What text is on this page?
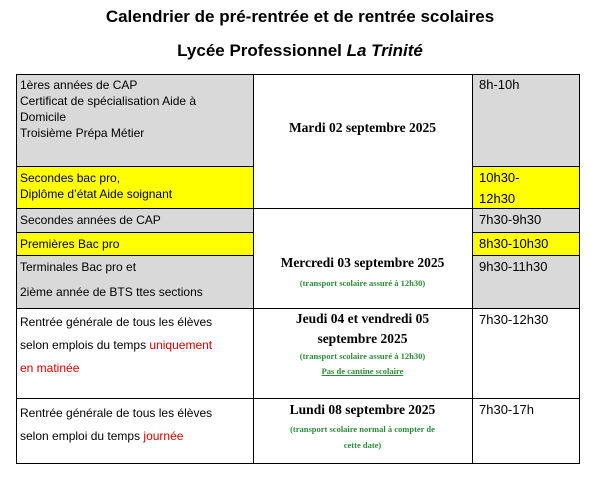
Calendrier de pré-rentrée et de rentrée scolaires
Lycée Professionnel La Trinité
1ères années de CAP
Certificat de spécialisation Aide à
Domicile
Troisième Prépa Métier
8h-10h
Secondes bac pro,
Diplôme d’état Aide soignant
10h30-
12h30
Mardi 02 septembre 2025
Secondes années de CAP	7h30-9h30
Premières Bac pro	8h30-10h30
Terminales Bac pro et
2ième année de BTS ttes sections
9h30-11h30
Mercredi 03 septembre 2025
(transport scolaire assuré à 12h30)
Rentrée générale de tous les élèves
selon emplois du temps uniquement
en matinée
Jeudi 04 et vendredi 05
septembre 2025
(transport scolaire assuré à 12h30)
Pas de cantine scolaire
7h30-12h30
Rentrée générale de tous les élèves
selon emploi du temps journée
Lundi 08 septembre 2025
(transport scolaire normal à compter de
cette date)
7h30-17h
